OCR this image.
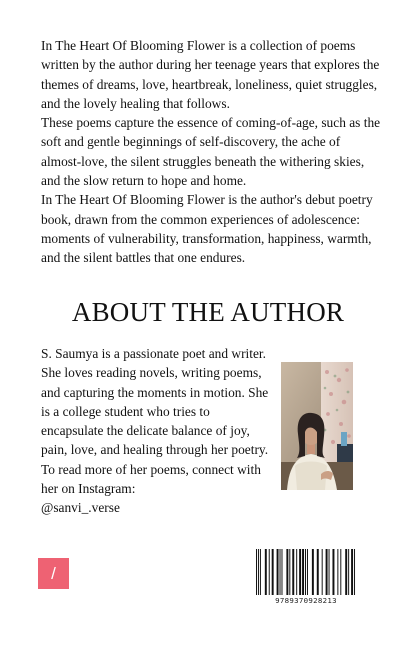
In The Heart Of Blooming Flower is a collection of poems written by the author during her teenage years that explores the themes of dreams, love, heartbreak, loneliness, quiet struggles, and the lovely healing that follows.

These poems capture the essence of coming-of-age, such as the soft and gentle beginnings of self-discovery, the ache of almost-love, the silent struggles beneath the withering skies, and the slow return to hope and home.

In The Heart Of Blooming Flower is the author's debut poetry book, drawn from the common experiences of adolescence: moments of vulnerability, transformation, happiness, warmth, and the silent battles that one endures.

ABOUT THE AUTHOR

S. Saumya is a passionate poet and writer. She loves reading novels, writing poems, and capturing the moments in motion. She is a college student who tries to encapsulate the delicate balance of joy, pain, love, and healing through her poetry.

To read more of her poems, connect with her on Instagram:

@sanvi_.verse

/
9789370928213
